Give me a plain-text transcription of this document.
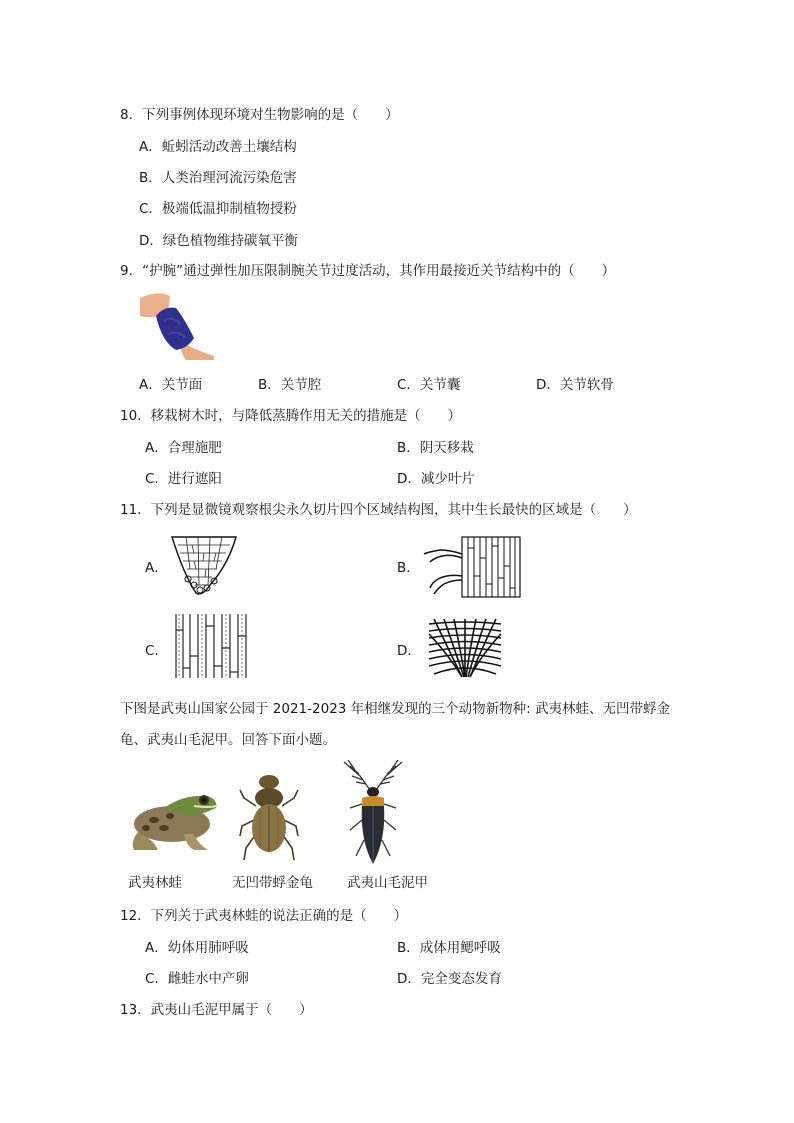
8．下列事例体现环境对生物影响的是（　　）
A．蚯蚓活动改善土壤结构
B．人类治理河流污染危害
C．极端低温抑制植物授粉
D．绿色植物维持碳氧平衡
9．“护腕”通过弹性加压限制腕关节过度活动，其作用最接近关节结构中的（　　）
A．关节面	B．关节腔	C．关节囊	D．关节软骨
10．移栽树木时，与降低蒸腾作用无关的措施是（　　）
A．合理施肥	B．阴天移栽
C．进行遮阳	D．减少叶片
11．下列是显微镜观察根尖永久切片四个区域结构图，其中生长最快的区域是（　　）
A．	B．
C．	D．
下图是武夷山国家公园于 2021-2023 年相继发现的三个动物新物种: 武夷林蛙、无凹带蜉金
龟、武夷山毛泥甲。回答下面小题。
武夷林蛙	无凹带蜉金龟	武夷山毛泥甲
12．下列关于武夷林蛙的说法正确的是（　　）
A．幼体用肺呼吸	B．成体用鳃呼吸
C．雌蛙水中产卵	D．完全变态发育
13．武夷山毛泥甲属于（　　）
